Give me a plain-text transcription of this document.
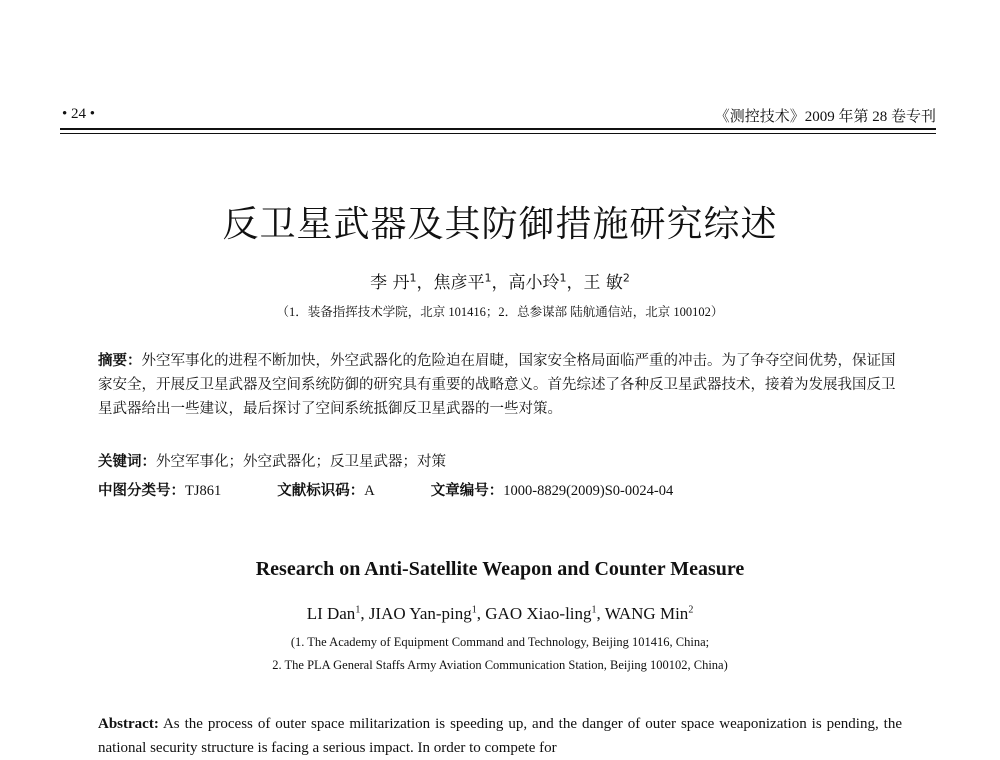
• 24 •	《测控技术》2009 年第 28 卷专刊
反卫星武器及其防御措施研究综述
李 丹$^1$，焦彦平$^1$，高小玲$^1$，王 敏$^2$
（1．装备指挥技术学院，北京 101416；2．总参谋部 陆航通信站，北京 100102）
摘要：外空军事化的进程不断加快，外空武器化的危险迫在眉睫，国家安全格局面临严重的冲击。为了争夺空间优势，保证国家安全，开展反卫星武器及空间系统防御的研究具有重要的战略意义。首先综述了各种反卫星武器技术，接着为发展我国反卫星武器给出一些建议，最后探讨了空间系统抵御反卫星武器的一些对策。
关键词：外空军事化；外空武器化；反卫星武器；对策
中图分类号：TJ861	文献标识码：A	文章编号：1000-8829(2009)S0-0024-04
Research on Anti-Satellite Weapon and Counter Measure
LI Dan$^1$, JIAO Yan-ping$^1$, GAO Xiao-ling$^1$, WANG Min$^2$
(1. The Academy of Equipment Command and Technology, Beijing 101416, China;
2. The PLA General Staffs Army Aviation Communication Station, Beijing 100102, China)
Abstract: As the process of outer space militarization is speeding up, and the danger of outer space weaponization is pending, the national security structure is facing a serious impact. In order to compete for
